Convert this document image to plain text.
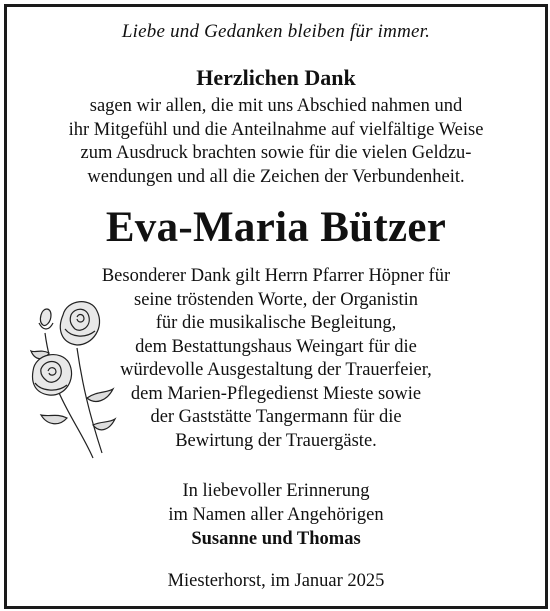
Liebe und Gedanken bleiben für immer.
Herzlichen Dank
sagen wir allen, die mit uns Abschied nahmen und
ihr Mitgefühl und die Anteilnahme auf vielfältige Weise
zum Ausdruck brachten sowie für die vielen Geldzu-
wendungen und all die Zeichen der Verbundenheit.
Eva-Maria Bützer
Besonderer Dank gilt Herrn Pfarrer Höpner für
seine tröstenden Worte, der Organistin
für die musikalische Begleitung,
dem Bestattungshaus Weingart für die
würdevolle Ausgestaltung der Trauerfeier,
dem Marien-Pflegedienst Mieste sowie
der Gaststätte Tangermann für die
Bewirtung der Trauergäste.
In liebevoller Erinnerung
im Namen aller Angehörigen
Susanne und Thomas
Miesterhorst, im Januar 2025
